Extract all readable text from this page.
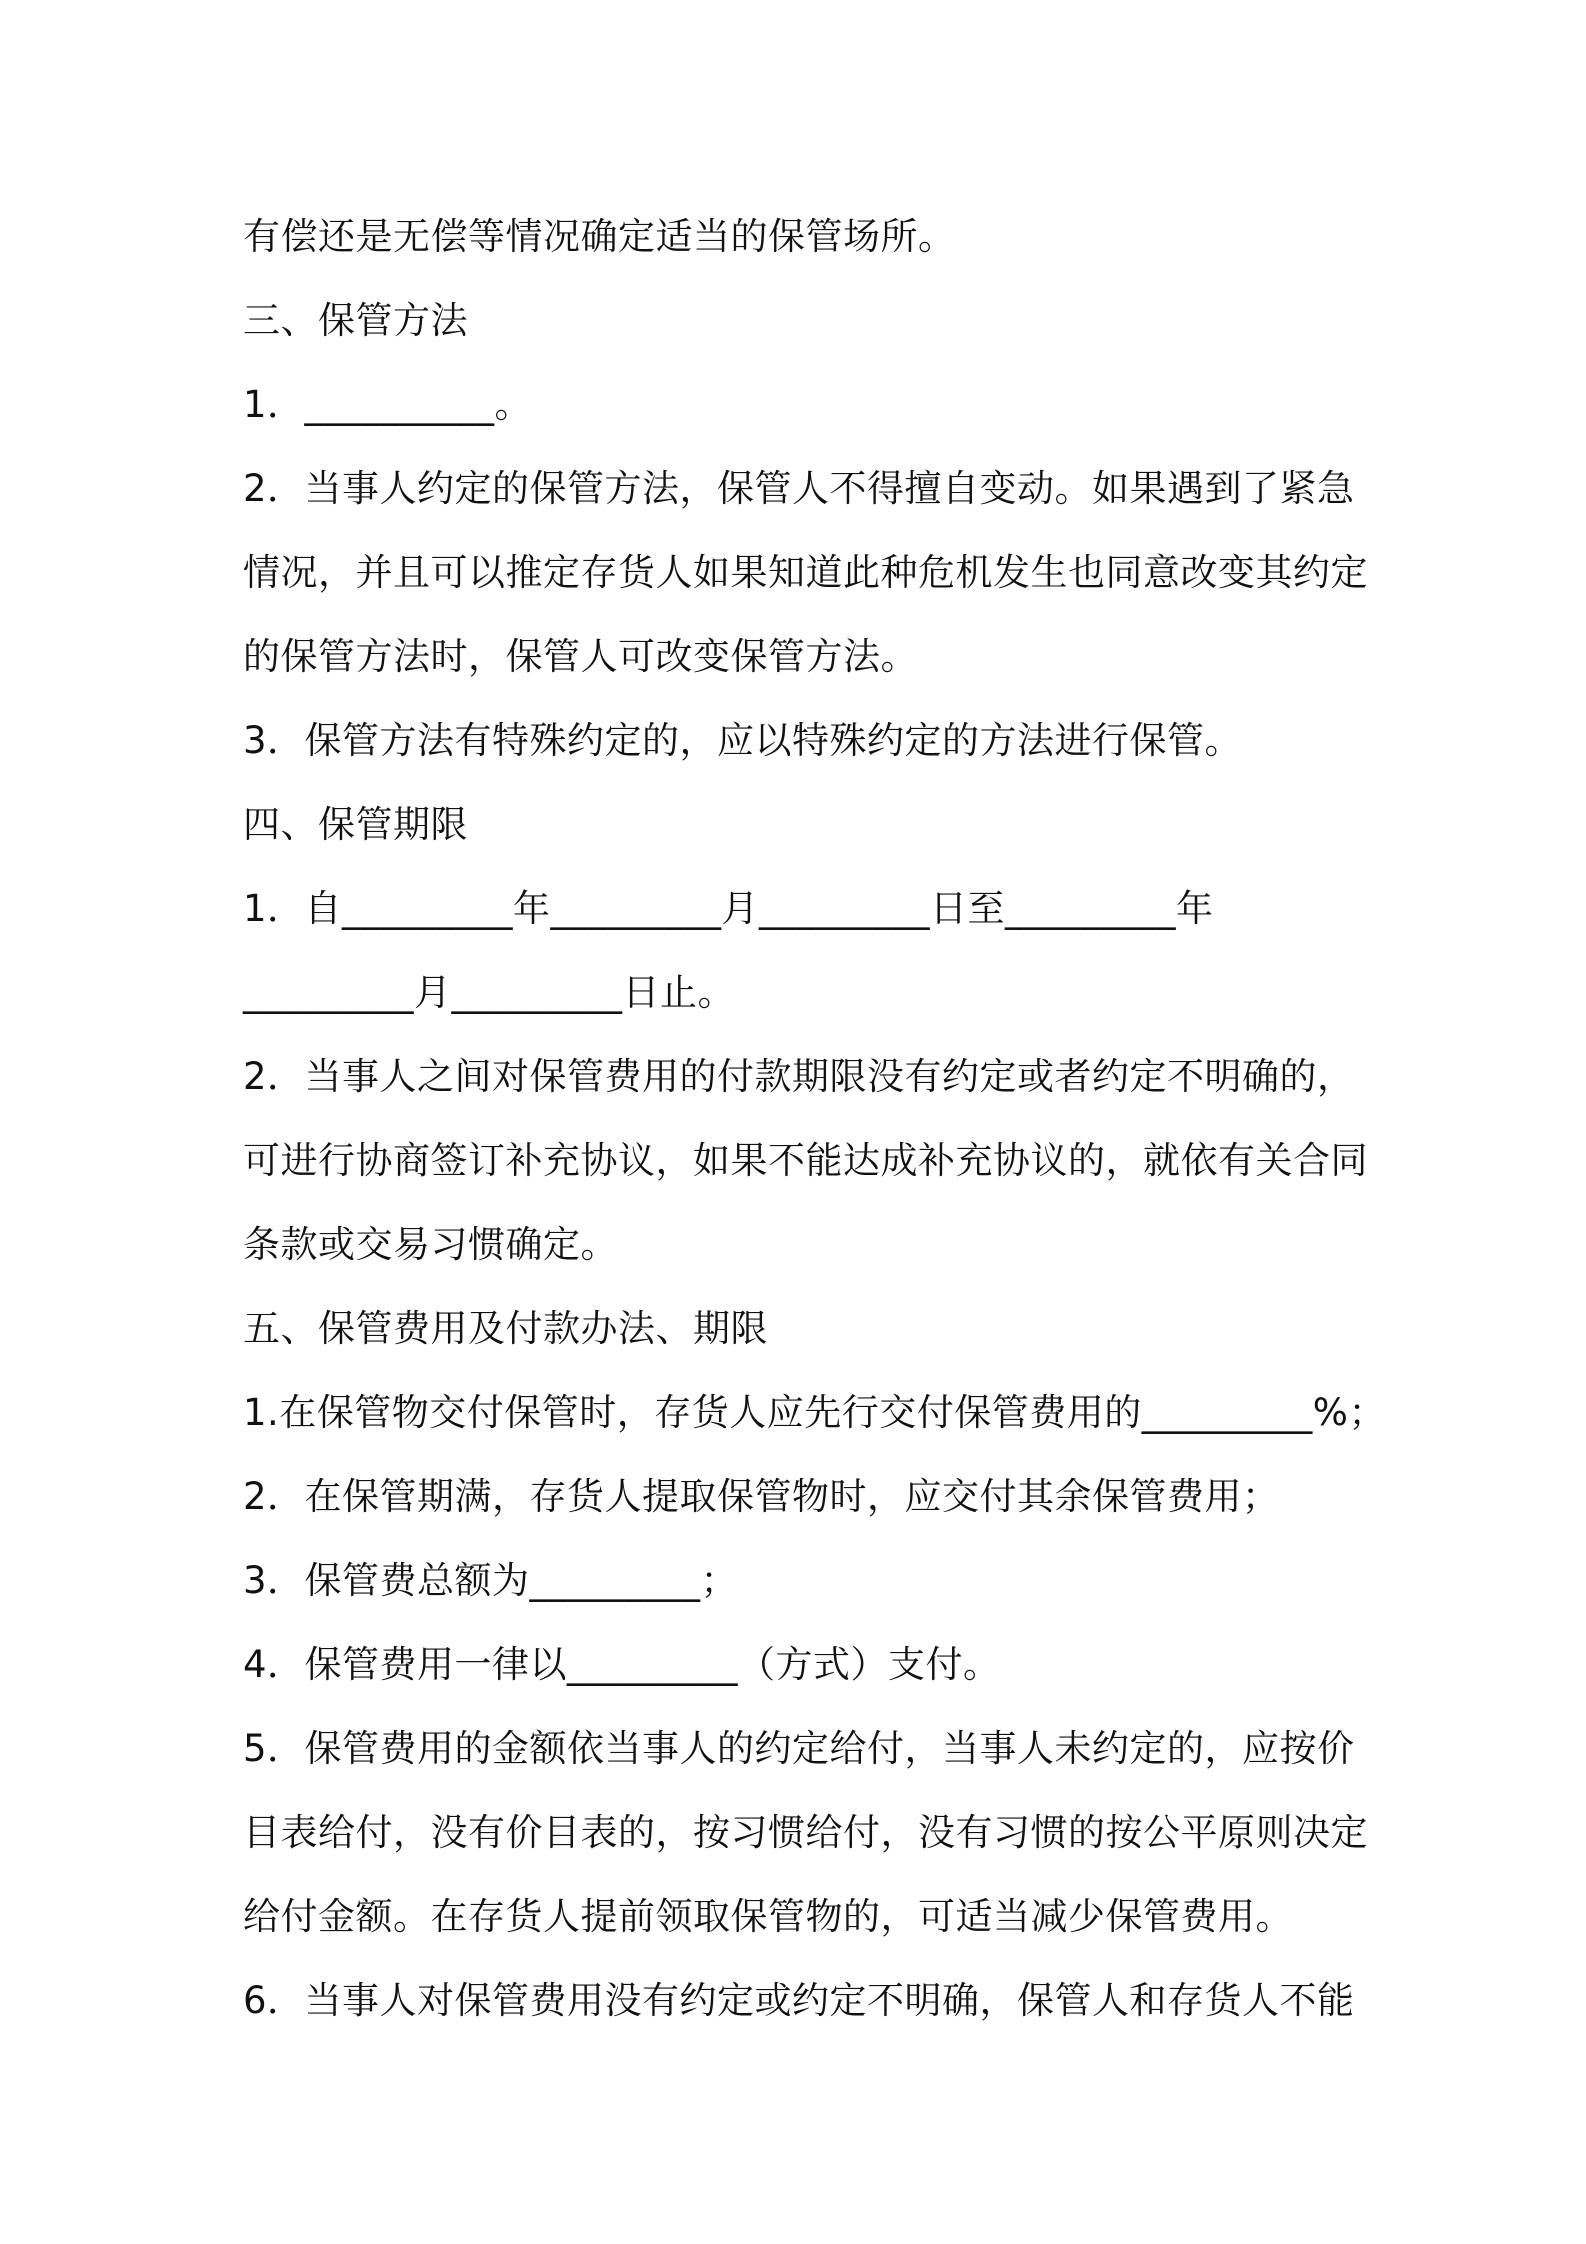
有偿还是无偿等情况确定适当的保管场所。
三、保管方法
1．__________。
2．当事人约定的保管方法，保管人不得擅自变动。如果遇到了紧急
情况，并且可以推定存货人如果知道此种危机发生也同意改变其约定
的保管方法时，保管人可改变保管方法。
3．保管方法有特殊约定的，应以特殊约定的方法进行保管。
四、保管期限
1．自_________年_________月_________日至_________年
_________月_________日止。
2．当事人之间对保管费用的付款期限没有约定或者约定不明确的，
可进行协商签订补充协议，如果不能达成补充协议的，就依有关合同
条款或交易习惯确定。
五、保管费用及付款办法、期限
1.在保管物交付保管时，存货人应先行交付保管费用的_________%；
2．在保管期满，存货人提取保管物时，应交付其余保管费用；
3．保管费总额为_________；
4．保管费用一律以_________（方式）支付。
5．保管费用的金额依当事人的约定给付，当事人未约定的，应按价
目表给付，没有价目表的，按习惯给付，没有习惯的按公平原则决定
给付金额。在存货人提前领取保管物的，可适当减少保管费用。
6．当事人对保管费用没有约定或约定不明确，保管人和存货人不能
